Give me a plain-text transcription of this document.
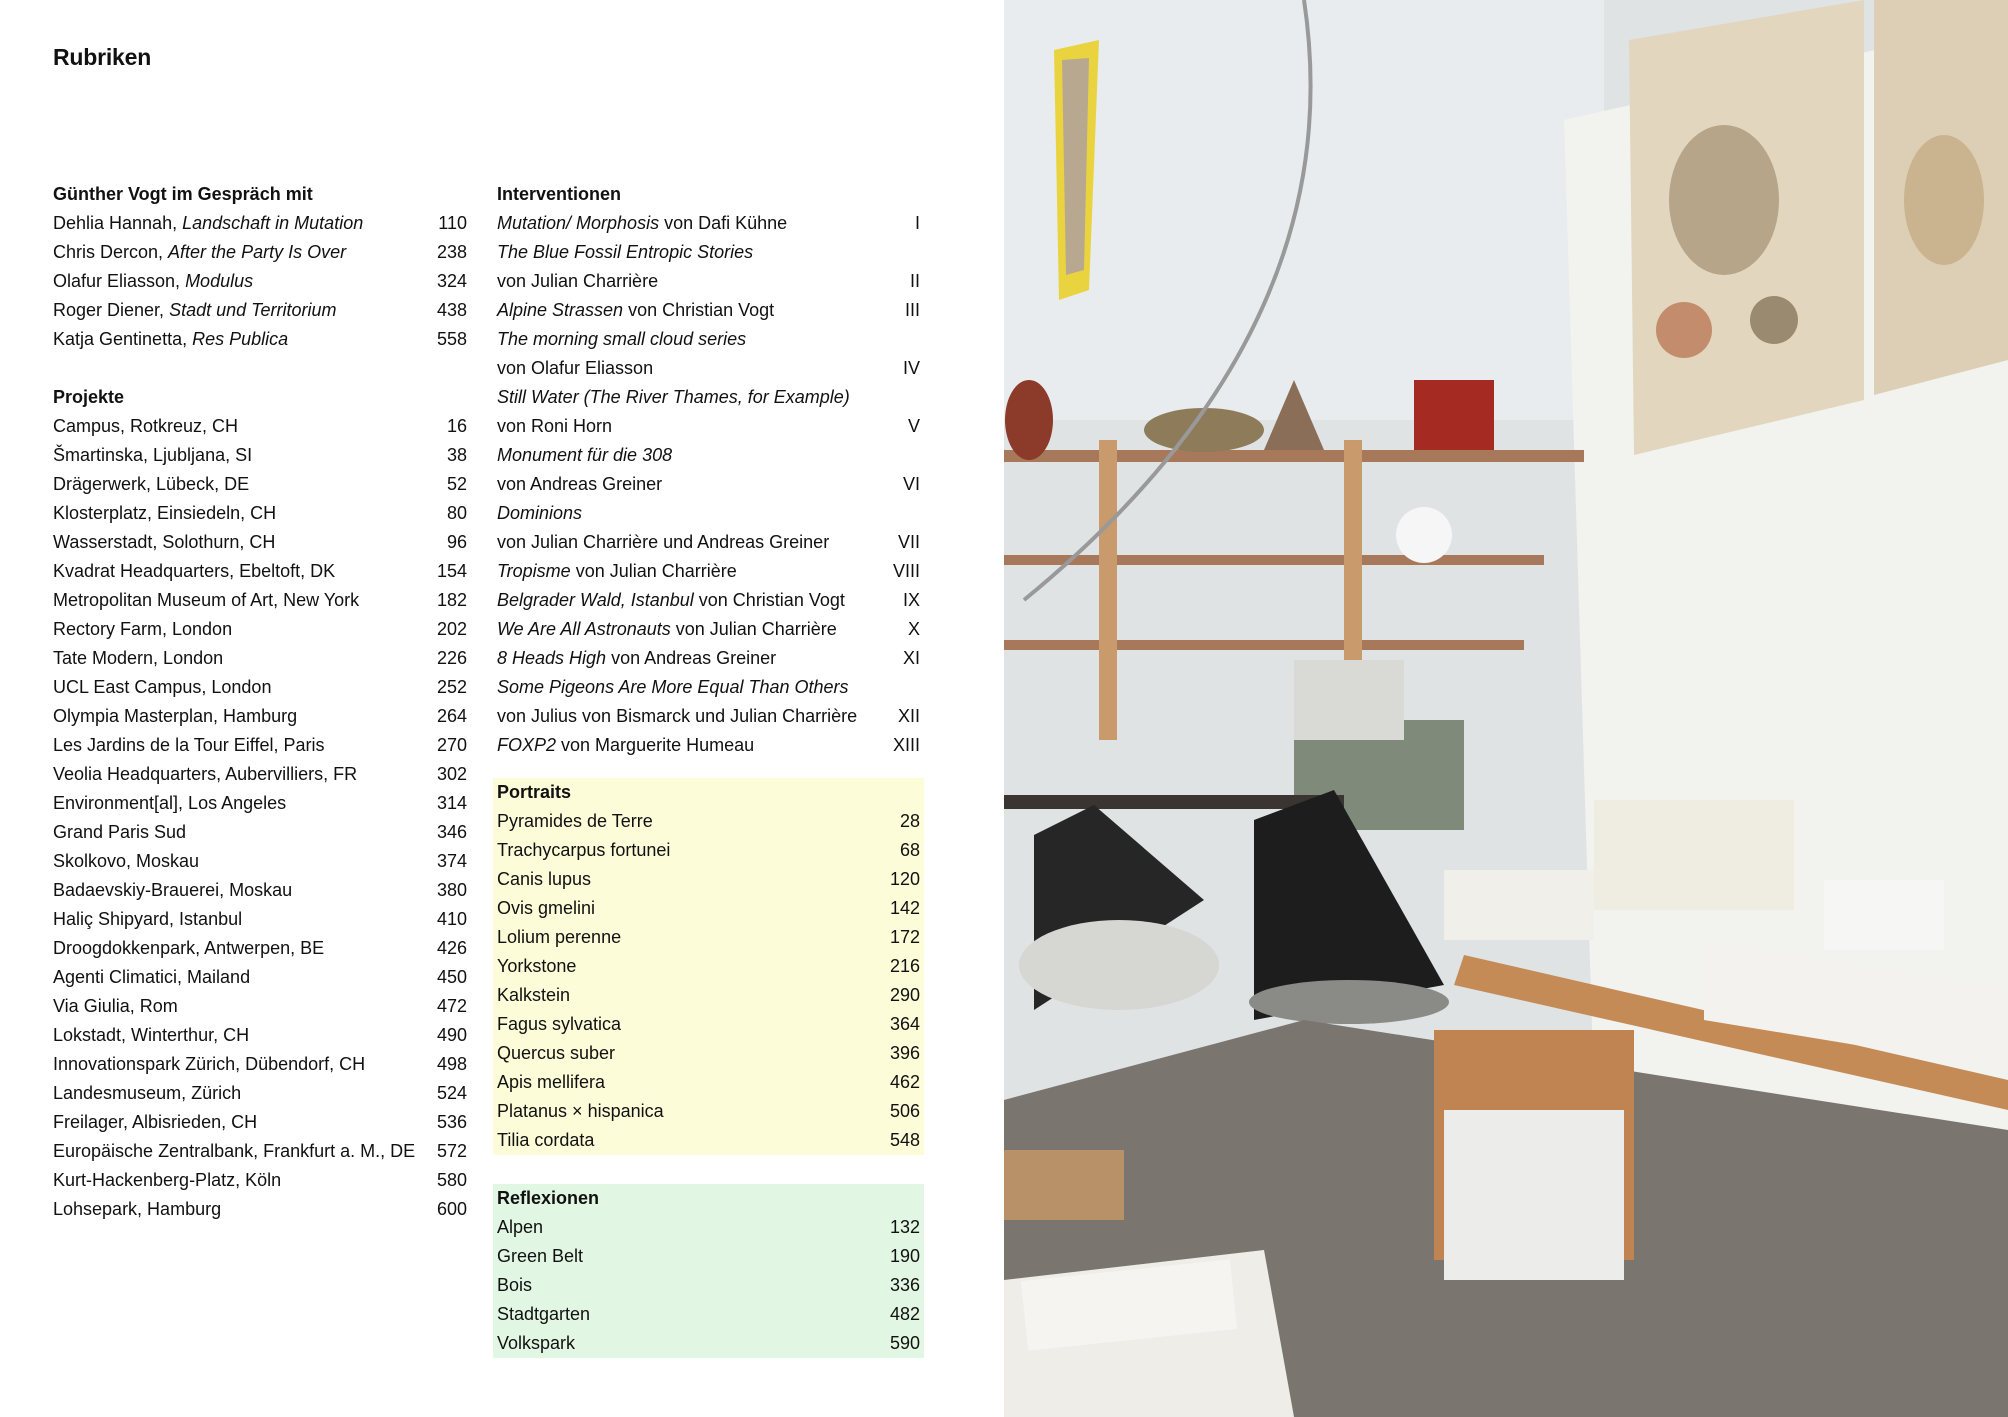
Rubriken
Günther Vogt im Gespräch mit
Dehlia Hannah, Landschaft in Mutation	110
Chris Dercon, After the Party Is Over	238
Olafur Eliasson, Modulus	324
Roger Diener, Stadt und Territorium	438
Katja Gentinetta, Res Publica	558
Projekte
Campus, Rotkreuz, CH	16
Šmartinska, Ljubljana, SI	38
Drägerwerk, Lübeck, DE	52
Klosterplatz, Einsiedeln, CH	80
Wasserstadt, Solothurn, CH	96
Kvadrat Headquarters, Ebeltoft, DK	154
Metropolitan Museum of Art, New York	182
Rectory Farm, London	202
Tate Modern, London	226
UCL East Campus, London	252
Olympia Masterplan, Hamburg	264
Les Jardins de la Tour Eiffel, Paris	270
Veolia Headquarters, Aubervilliers, FR	302
Environment[al], Los Angeles	314
Grand Paris Sud	346
Skolkovo, Moskau	374
Badaevskiy-Brauerei, Moskau	380
Haliç Shipyard, Istanbul	410
Droogdokkenpark, Antwerpen, BE	426
Agenti Climatici, Mailand	450
Via Giulia, Rom	472
Lokstadt, Winterthur, CH	490
Innovationspark Zürich, Dübendorf, CH	498
Landesmuseum, Zürich	524
Freilager, Albisrieden, CH	536
Europäische Zentralbank, Frankfurt a. M., DE	572
Kurt-Hackenberg-Platz, Köln	580
Lohsepark, Hamburg	600
Interventionen
Mutation/ Morphosis von Dafi Kühne	I
The Blue Fossil Entropic Stories
von Julian Charrière	II
Alpine Strassen von Christian Vogt	III
The morning small cloud series
von Olafur Eliasson	IV
Still Water (The River Thames, for Example)
von Roni Horn	V
Monument für die 308
von Andreas Greiner	VI
Dominions
von Julian Charrière und Andreas Greiner	VII
Tropisme von Julian Charrière	VIII
Belgrader Wald, Istanbul von Christian Vogt	IX
We Are All Astronauts von Julian Charrière	X
8 Heads High von Andreas Greiner	XI
Some Pigeons Are More Equal Than Others
von Julius von Bismarck und Julian Charrière	XII
FOXP2 von Marguerite Humeau	XIII
Portraits
Pyramides de Terre	28
Trachycarpus fortunei	68
Canis lupus	120
Ovis gmelini	142
Lolium perenne	172
Yorkstone	216
Kalkstein	290
Fagus sylvatica	364
Quercus suber	396
Apis mellifera	462
Platanus × hispanica	506
Tilia cordata	548
Reflexionen
Alpen	132
Green Belt	190
Bois	336
Stadtgarten	482
Volkspark	590
